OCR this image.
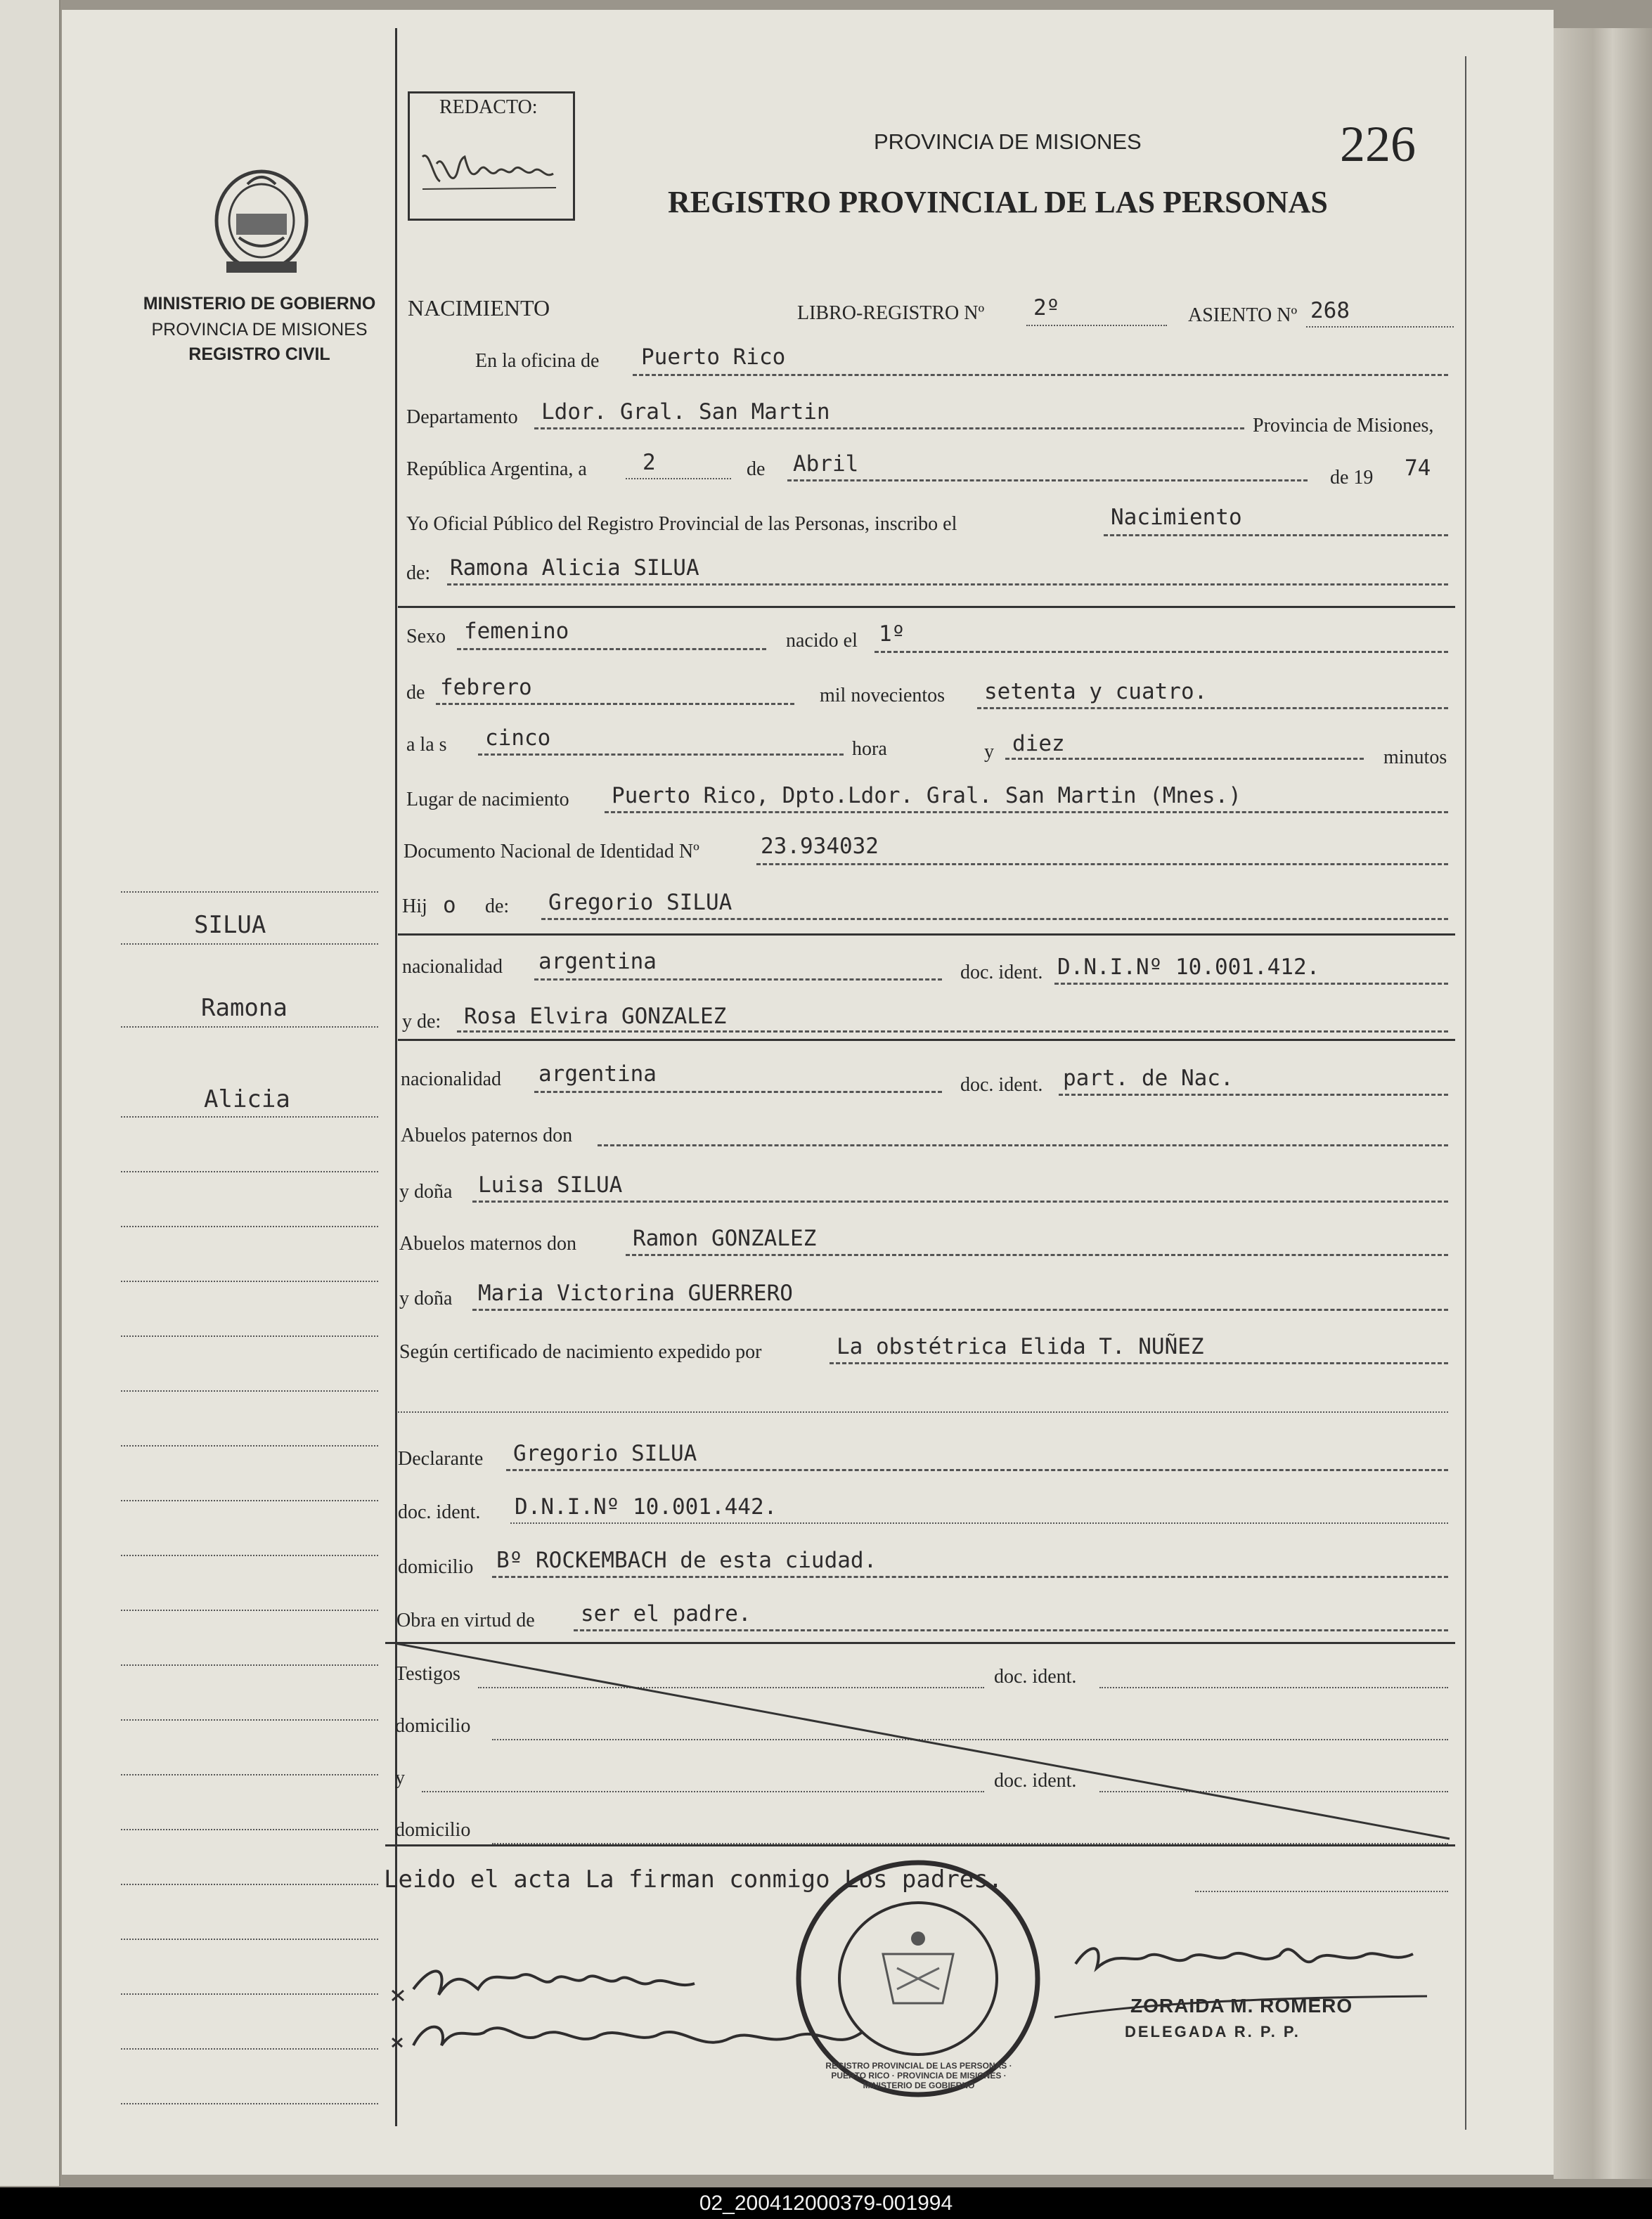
REDACTO:
MINISTERIO DE GOBIERNO
PROVINCIA DE MISIONES
REGISTRO CIVIL
PROVINCIA DE MISIONES	226
REGISTRO PROVINCIAL DE LAS PERSONAS
NACIMIENTO	LIBRO-REGISTRO Nº 2º	ASIENTO Nº 268
SILUA
Ramona
Alicia
En la oficina de Puerto Rico
Departamento Ldor. Gral. San Martin
Provincia de Misiones,
República Argentina, a	2	de Abril
de 19 74
Yo Oficial Público del Registro Provincial de las Personas, inscribo el	Nacimiento
de: Ramona Alicia SILUA
Sexo femenino	nacido el 1º
de febrero	mil novecientos setenta y cuatro.
a la s cinco	hora	y diez
minutos
Lugar de nacimiento Puerto Rico, Dpto.Ldor. Gral. San Martin (Mnes.)
Documento Nacional de Identidad Nº	23.934032
Hij o de: Gregorio SILUA
nacionalidad argentina	doc. ident. D.N.I.Nº 10.001.412.
y de: Rosa Elvira GONZALEZ
nacionalidad argentina	doc. ident. part. de Nac.
Abuelos paternos don
y doña Luisa SILUA
Abuelos maternos don	Ramon GONZALEZ
y doña Maria Victorina GUERRERO
Según certificado de nacimiento expedido por	La obstétrica Elida T. NUÑEZ
Declarante Gregorio SILUA
doc. ident. D.N.I.Nº 10.001.442.
domicilio Bº ROCKEMBACH de esta ciudad.
Obra en virtud de ser el padre.
Testigos	doc. ident.
domicilio
y	doc. ident.
domicilio
Leido el acta La firman conmigo Los padres.
REGISTRO PROVINCIAL DE LAS PERSONAS · PUERTO RICO · PROVINCIA DE MISIONES · MINISTERIO DE GOBIERNO
ZORAIDA M. ROMERO
DELEGADA R. P. P.
02_200412000379-001994
